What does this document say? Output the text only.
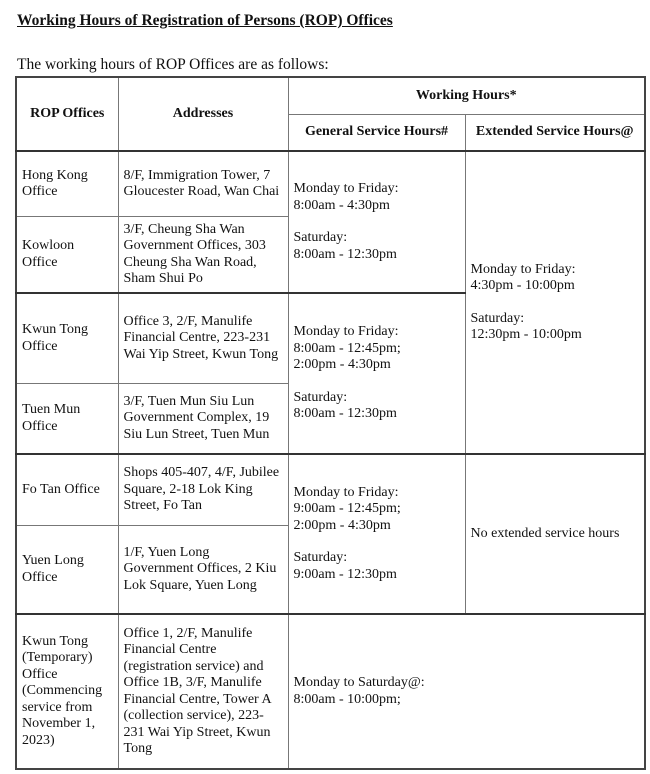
Working Hours of Registration of Persons (ROP) Offices
The working hours of ROP Offices are as follows:
ROP Offices	Addresses	Working Hours*	
		General Service Hours#	Extended Service Hours@
Hong Kong Office	8/F, Immigration Tower, 7 Gloucester Road, Wan Chai	Monday to Friday:
8:00am - 4:30pm
Saturday:
8:00am - 12:30pm	Monday to Friday:
4:30pm - 10:00pm
Saturday:
12:30pm - 10:00pm

Kowloon Office	3/F, Cheung Sha Wan Government Offices, 303 Cheung Sha Wan Road, Sham Shui Po		
Kwun Tong Office	Office 3, 2/F, Manulife Financial Centre, 223-231 Wai Yip Street, Kwun Tong	Monday to Friday:
8:00am - 12:45pm;
2:00pm - 4:30pm
Saturday:
8:00am - 12:30pm	

Tuen Mun Office	3/F, Tuen Mun Siu Lun Government Complex, 19 Siu Lun Street, Tuen Mun		
Fo Tan Office	Shops 405-407, 4/F, Jubilee Square, 2-18 Lok King Street, Fo Tan	Monday to Friday:
9:00am - 12:45pm;
2:00pm - 4:30pm
Saturday:
9:00am - 12:30pm	No extended service hours
Yuen Long Office	1/F, Yuen Long Government Offices, 2 Kiu Lok Square, Yuen Long		
Kwun Tong (Temporary) Office (Commencing service from November 1, 2023)	Office 1, 2/F, Manulife Financial Centre (registration service) and Office 1B, 3/F, Manulife Financial Centre, Tower A (collection service), 223-231 Wai Yip Street, Kwun Tong	Monday to Saturday@:
8:00am - 10:00pm;	
